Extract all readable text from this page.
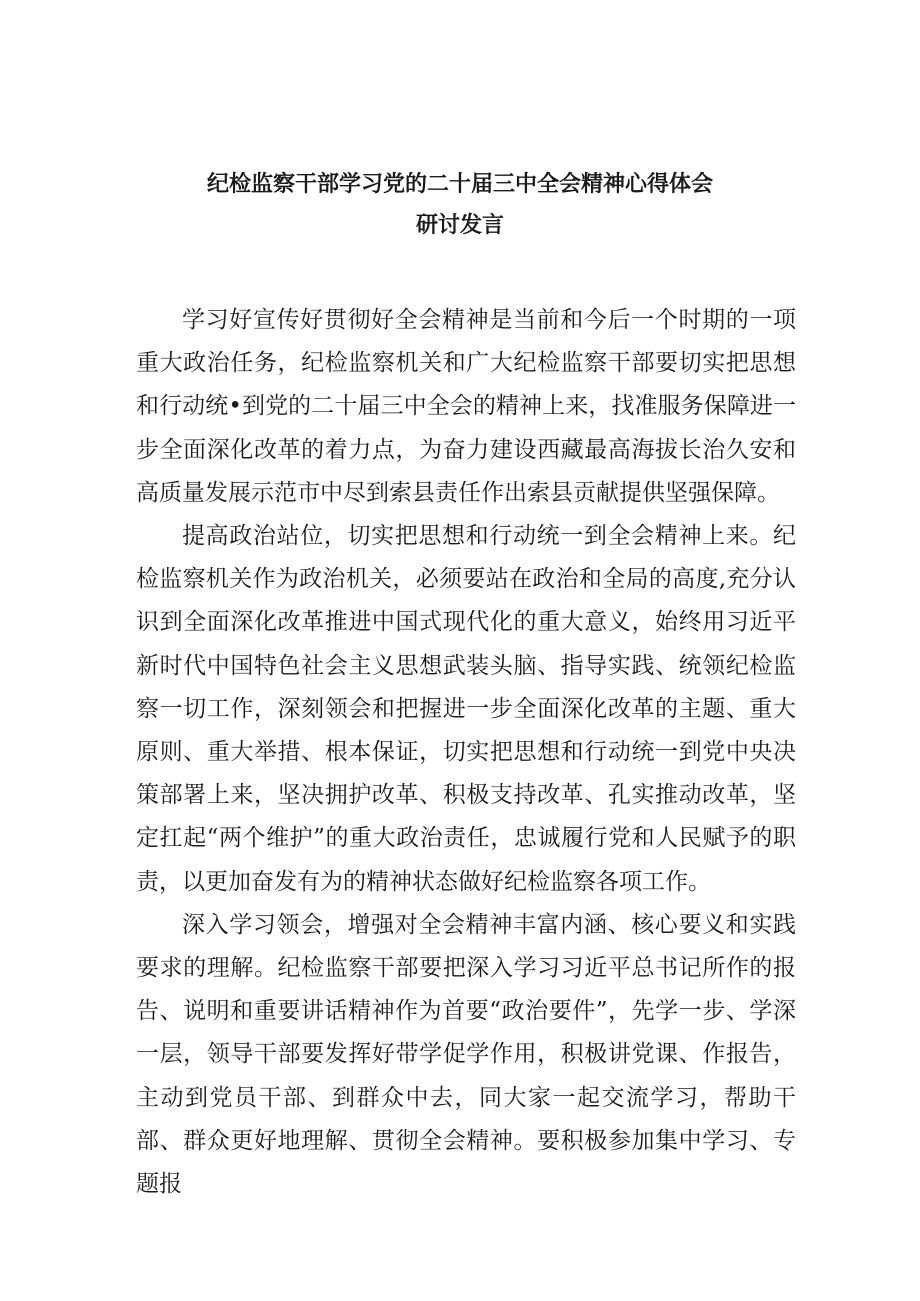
纪检监察干部学习党的二十届三中全会精神心得体会
研讨发言

学习好宣传好贯彻好全会精神是当前和今后一个时期的一项重大政治任务，纪检监察机关和广大纪检监察干部要切实把思想和行动统•到党的二十届三中全会的精神上来，找准服务保障进一步全面深化改革的着力点，为奋力建设西藏最高海拔长治久安和高质量发展示范市中尽到索县责任作出索县贡献提供坚强保障。

提高政治站位，切实把思想和行动统一到全会精神上来。纪检监察机关作为政治机关，必须要站在政治和全局的高度,充分认识到全面深化改革推进中国式现代化的重大意义，始终用习近平新时代中国特色社会主义思想武装头脑、指导实践、统领纪检监察一切工作，深刻领会和把握进一步全面深化改革的主题、重大原则、重大举措、根本保证，切实把思想和行动统一到党中央决策部署上来，坚决拥护改革、积极支持改革、孔实推动改革，坚定扛起“两个维护”的重大政治责任，忠诚履行党和人民赋予的职责，以更加奋发有为的精神状态做好纪检监察各项工作。

深入学习领会，增强对全会精神丰富内涵、核心要义和实践要求的理解。纪检监察干部要把深入学习习近平总书记所作的报告、说明和重要讲话精神作为首要“政治要件”，先学一步、学深一层，领导干部要发挥好带学促学作用，积极讲党课、作报告，主动到党员干部、到群众中去，同大家一起交流学习，帮助干部、群众更好地理解、贯彻全会精神。要积极参加集中学习、专题报
